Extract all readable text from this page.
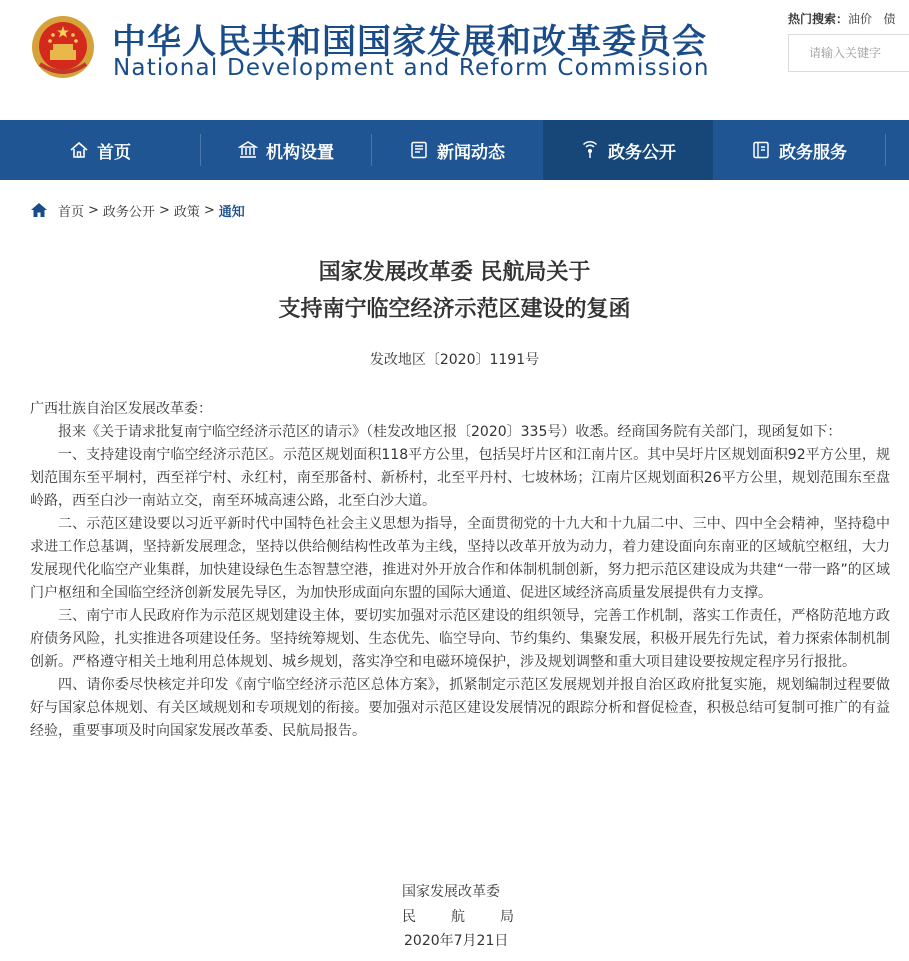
中华人民共和国国家发展和改革委员会
National Development and Reform Commission
热门搜索：油价   债
请输入关键字
首页	机构设置	新闻动态	政务公开	政务服务
首页 > 政务公开 > 政策 > 通知
国家发展改革委 民航局关于
支持南宁临空经济示范区建设的复函
发改地区〔2020〕1191号

广西壮族自治区发展改革委：

报来《关于请求批复南宁临空经济示范区的请示》（桂发改地区报〔2020〕335号）收悉。经商国务院有关部门，现函复如下：

一、支持建设南宁临空经济示范区。示范区规划面积118平方公里，包括吴圩片区和江南片区。其中吴圩片区规划面积92平方公里，规划范围东至平垌村，西至祥宁村、永红村，南至那备村、新桥村，北至平丹村、七坡林场；江南片区规划面积26平方公里，规划范围东至盘岭路，西至白沙一南站立交，南至环城高速公路，北至白沙大道。

二、示范区建设要以习近平新时代中国特色社会主义思想为指导，全面贯彻党的十九大和十九届二中、三中、四中全会精神，坚持稳中求进工作总基调，坚持新发展理念，坚持以供给侧结构性改革为主线，坚持以改革开放为动力，着力建设面向东南亚的区域航空枢纽，大力发展现代化临空产业集群，加快建设绿色生态智慧空港，推进对外开放合作和体制机制创新，努力把示范区建设成为共建“一带一路”的区域门户枢纽和全国临空经济创新发展先导区，为加快形成面向东盟的国际大通道、促进区域经济高质量发展提供有力支撑。

三、南宁市人民政府作为示范区规划建设主体，要切实加强对示范区建设的组织领导，完善工作机制，落实工作责任，严格防范地方政府债务风险，扎实推进各项建设任务。坚持统筹规划、生态优先、临空导向、节约集约、集聚发展，积极开展先行先试，着力探索体制机制创新。严格遵守相关土地利用总体规划、城乡规划，落实净空和电磁环境保护，涉及规划调整和重大项目建设要按规定程序另行报批。

四、请你委尽快核定并印发《南宁临空经济示范区总体方案》，抓紧制定示范区发展规划并报自治区政府批复实施，规划编制过程要做好与国家总体规划、有关区域规划和专项规划的衔接。要加强对示范区建设发展情况的跟踪分析和督促检查，积极总结可复制可推广的有益经验，重要事项及时向国家发展改革委、民航局报告。

国家发展改革委
民	航	局
2020年7月21日
